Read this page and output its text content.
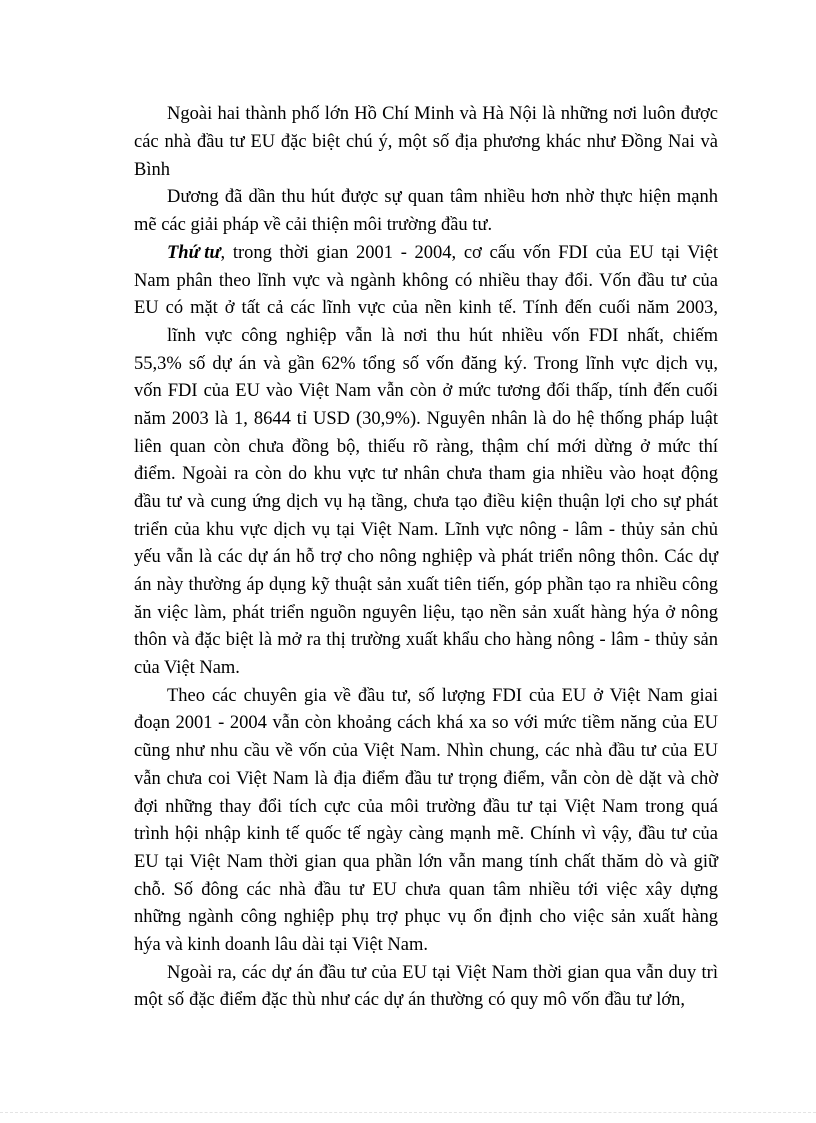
Ngoài hai thành phố lớn Hồ Chí Minh và Hà Nội là những nơi luôn được
các nhà đầu tư EU đặc biệt chú ý, một số địa phương khác như Đồng Nai và
Bình
Dương đã dần thu hút được sự quan tâm nhiều hơn nhờ thực hiện mạnh
mẽ các giải pháp về cải thiện môi trường đầu tư.
Thứ tư , trong thời gian 2001 - 2004, cơ cấu vốn FDI của EU tại Việt
Nam phân theo lĩnh vực và ngành không có nhiều thay đổi. Vốn đầu tư của
EU có mặt ở tất cả các lĩnh vực của nền kinh tế. Tính đến cuối năm 2003,
lĩnh vực công nghiệp vẫn là nơi thu hút nhiều vốn FDI nhất, chiếm
55,3% số dự án và gần 62% tổng số vốn đăng ký. Trong lĩnh vực dịch vụ,
vốn FDI của EU vào Việt Nam vẫn còn ở mức tương đối thấp, tính đến cuối
năm 2003 là 1, 8644 tỉ USD (30,9%). Nguyên nhân là do hệ thống pháp luật
liên quan còn chưa đồng bộ, thiếu rõ ràng, thậm chí mới dừng ở mức thí
điểm. Ngoài ra còn do khu vực tư nhân chưa tham gia nhiều vào hoạt động
đầu tư và cung ứng dịch vụ hạ tầng, chưa tạo điều kiện thuận lợi cho sự phát
triển của khu vực dịch vụ tại Việt Nam. Lĩnh vực nông - lâm - thủy sản chủ
yếu vẫn là các dự án hỗ trợ cho nông nghiệp và phát triển nông thôn. Các dự
án này thường áp dụng kỹ thuật sản xuất tiên tiến, góp phần tạo ra nhiều công
ăn việc làm, phát triển nguồn nguyên liệu, tạo nền sản xuất hàng hýa ở nông
thôn và đặc biệt là mở ra thị trường xuất khẩu cho hàng nông - lâm - thủy sản
của Việt Nam.
Theo các chuyên gia về đầu tư, số lượng FDI của EU ở Việt Nam giai
đoạn 2001 - 2004 vẫn còn khoảng cách khá xa so với mức tiềm năng của EU
cũng như nhu cầu về vốn của Việt Nam. Nhìn chung, các nhà đầu tư của EU
vẫn chưa coi Việt Nam là địa điểm đầu tư trọng điểm, vẫn còn dè dặt và chờ
đợi những thay đổi tích cực của môi trường đầu tư tại Việt Nam trong quá
trình hội nhập kinh tế quốc tế ngày càng mạnh mẽ. Chính vì vậy, đầu tư của
EU tại Việt Nam thời gian qua phần lớn vẫn mang tính chất thăm dò và giữ
chỗ. Số đông các nhà đầu tư EU chưa quan tâm nhiều tới việc xây dựng
những ngành công nghiệp phụ trợ phục vụ ổn định cho việc sản xuất hàng
hýa và kinh doanh lâu dài tại Việt Nam.
Ngoài ra, các dự án đầu tư của EU tại Việt Nam thời gian qua vẫn duy trì
một số đặc điểm đặc thù như các dự án thường có quy mô vốn đầu tư lớn,
